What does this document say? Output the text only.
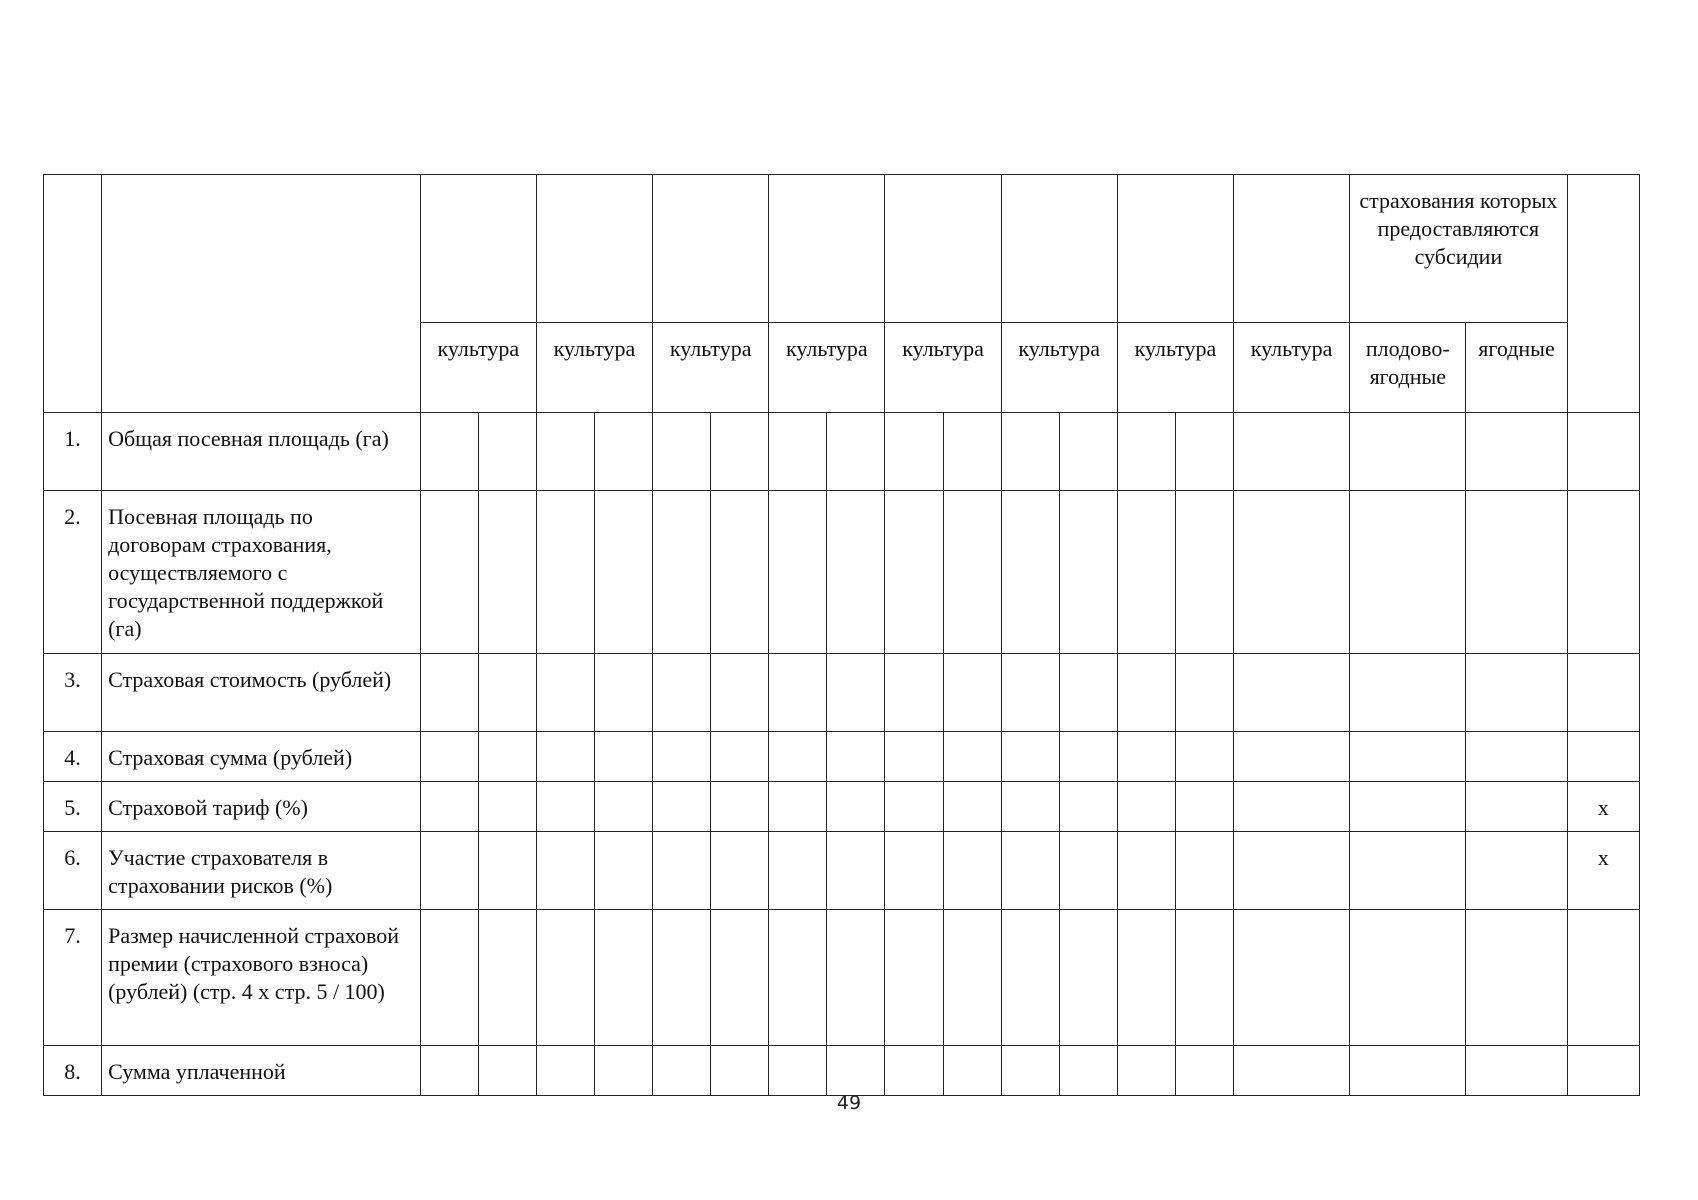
																	страхования которых предоставляются субсидии		
		культура		культура		культура		культура		культура		культура		культура		культура	плодово-ягодные	ягодные	
1.	Общая посевная площадь (га)																		
2.	Посевная площадь по договорам страхования, осуществляемого с государственной поддержкой (га)																		
3.	Страховая стоимость (рублей)																		
4.	Страховая сумма (рублей)																		
5.	Страховой тариф (%)																		x
6.	Участие страхователя в страховании рисков (%)																		x
7.	Размер начисленной страховой премии (страхового взноса) (рублей) (стр. 4 x стр. 5 / 100)																		
8.	Сумма уплаченной																		
49
